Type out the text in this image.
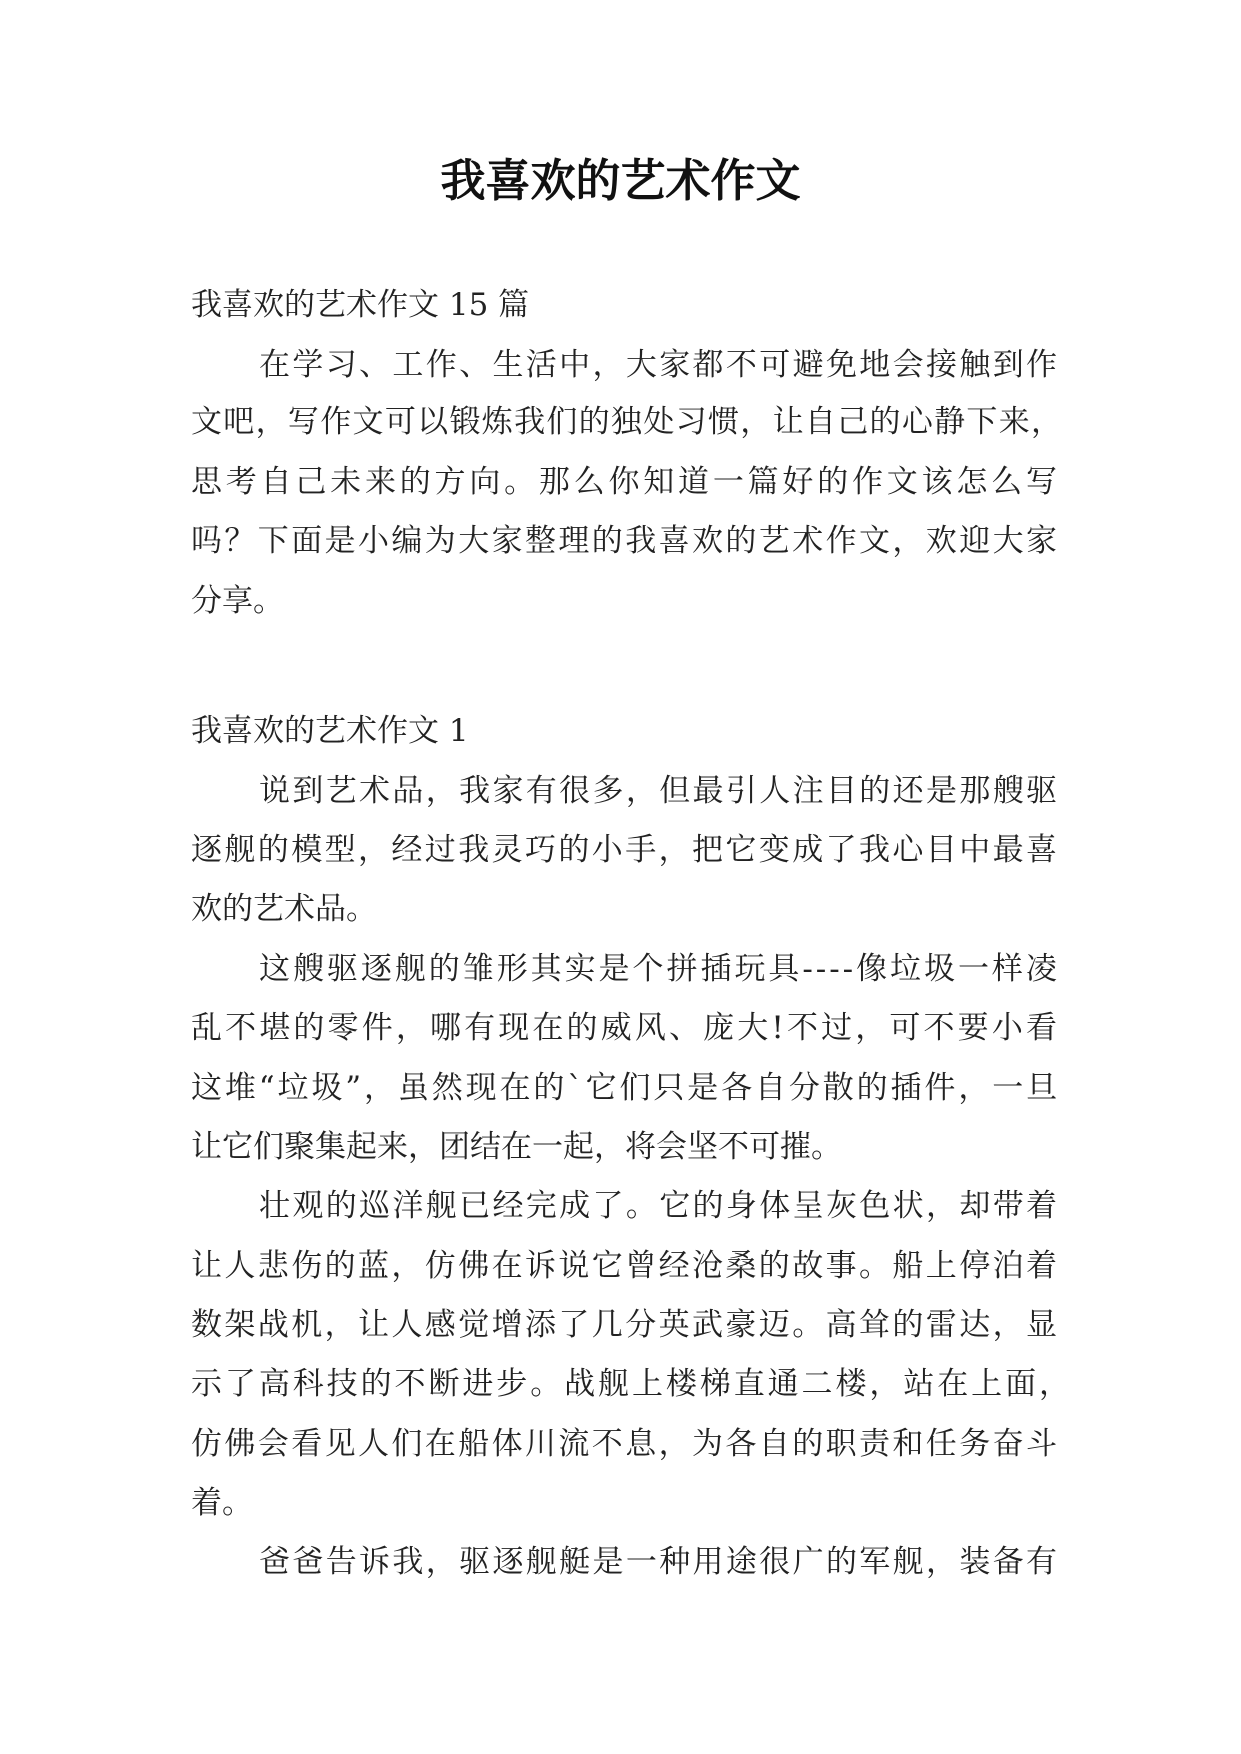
我喜欢的艺术作文

我喜欢的艺术作文 15 篇

在学习、工作、生活中，大家都不可避免地会接触到作

文吧，写作文可以锻炼我们的独处习惯，让自己的心静下来，

思考自己未来的方向。那么你知道一篇好的作文该怎么写

吗？下面是小编为大家整理的我喜欢的艺术作文，欢迎大家

分享。

我喜欢的艺术作文 1

说到艺术品，我家有很多，但最引人注目的还是那艘驱

逐舰的模型，经过我灵巧的小手，把它变成了我心目中最喜

欢的艺术品。

这艘驱逐舰的雏形其实是个拼插玩具----像垃圾一样凌

乱不堪的零件，哪有现在的威风、庞大!不过，可不要小看

这堆“垃圾”，虽然现在的`它们只是各自分散的插件，一旦

让它们聚集起来，团结在一起，将会坚不可摧。

壮观的巡洋舰已经完成了。它的身体呈灰色状，却带着

让人悲伤的蓝，仿佛在诉说它曾经沧桑的故事。船上停泊着

数架战机，让人感觉增添了几分英武豪迈。高耸的雷达，显

示了高科技的不断进步。战舰上楼梯直通二楼，站在上面，

仿佛会看见人们在船体川流不息，为各自的职责和任务奋斗

着。

爸爸告诉我，驱逐舰艇是一种用途很广的军舰，装备有
